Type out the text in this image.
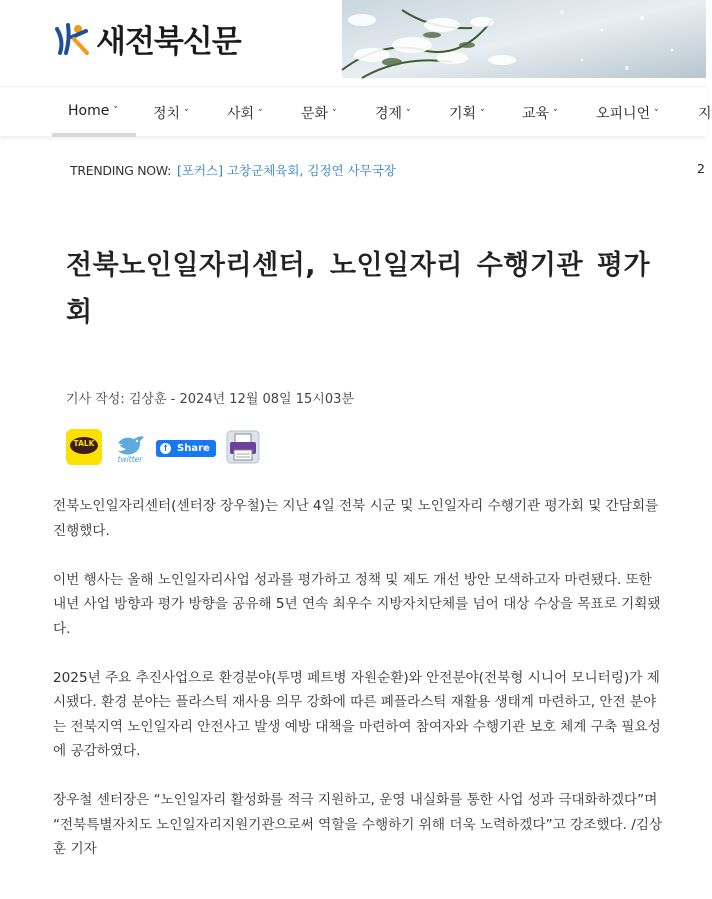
새전북신문
Home ˅	정치 ˅	사회 ˅	문화 ˅	경제 ˅	기획 ˅	교육 ˅	오피니언 ˅	지
TRENDING NOW: [포커스] 고창군체육회, 김정연 사무국장	2
전북노인일자리센터, 노인일자리 수행기관 평가회
기사 작성: 김상훈 - 2024년 12월 08일 15시03분
TALK
twitter
f	Share

전북노인일자리센터(센터장 장우철)는 지난 4일 전북 시군 및 노인일자리 수행기관 평가회 및 간담회를 진행했다.

이번 행사는 올해 노인일자리사업 성과를 평가하고 정책 및 제도 개선 방안 모색하고자 마련됐다. 또한 내년 사업 방향과 평가 방향을 공유해 5년 연속 최우수 지방자치단체를 넘어 대상 수상을 목표로 기획됐다.

2025년 주요 추진사업으로 환경분야(투명 페트병 자원순환)와 안전분야(전북형 시니어 모니터링)가 제시됐다. 환경 분야는 플라스틱 재사용 의무 강화에 따른 폐플라스틱 재활용 생태계 마련하고, 안전 분야는 전북지역 노인일자리 안전사고 발생 예방 대책을 마련하여 참여자와 수행기관 보호 체계 구축 필요성에 공감하였다.

장우철 센터장은 “노인일자리 활성화를 적극 지원하고, 운영 내실화를 통한 사업 성과 극대화하겠다”며 “전북특별자치도 노인일자리지원기관으로써 역할을 수행하기 위해 더욱 노력하겠다”고 강조했다. /김상훈 기자
